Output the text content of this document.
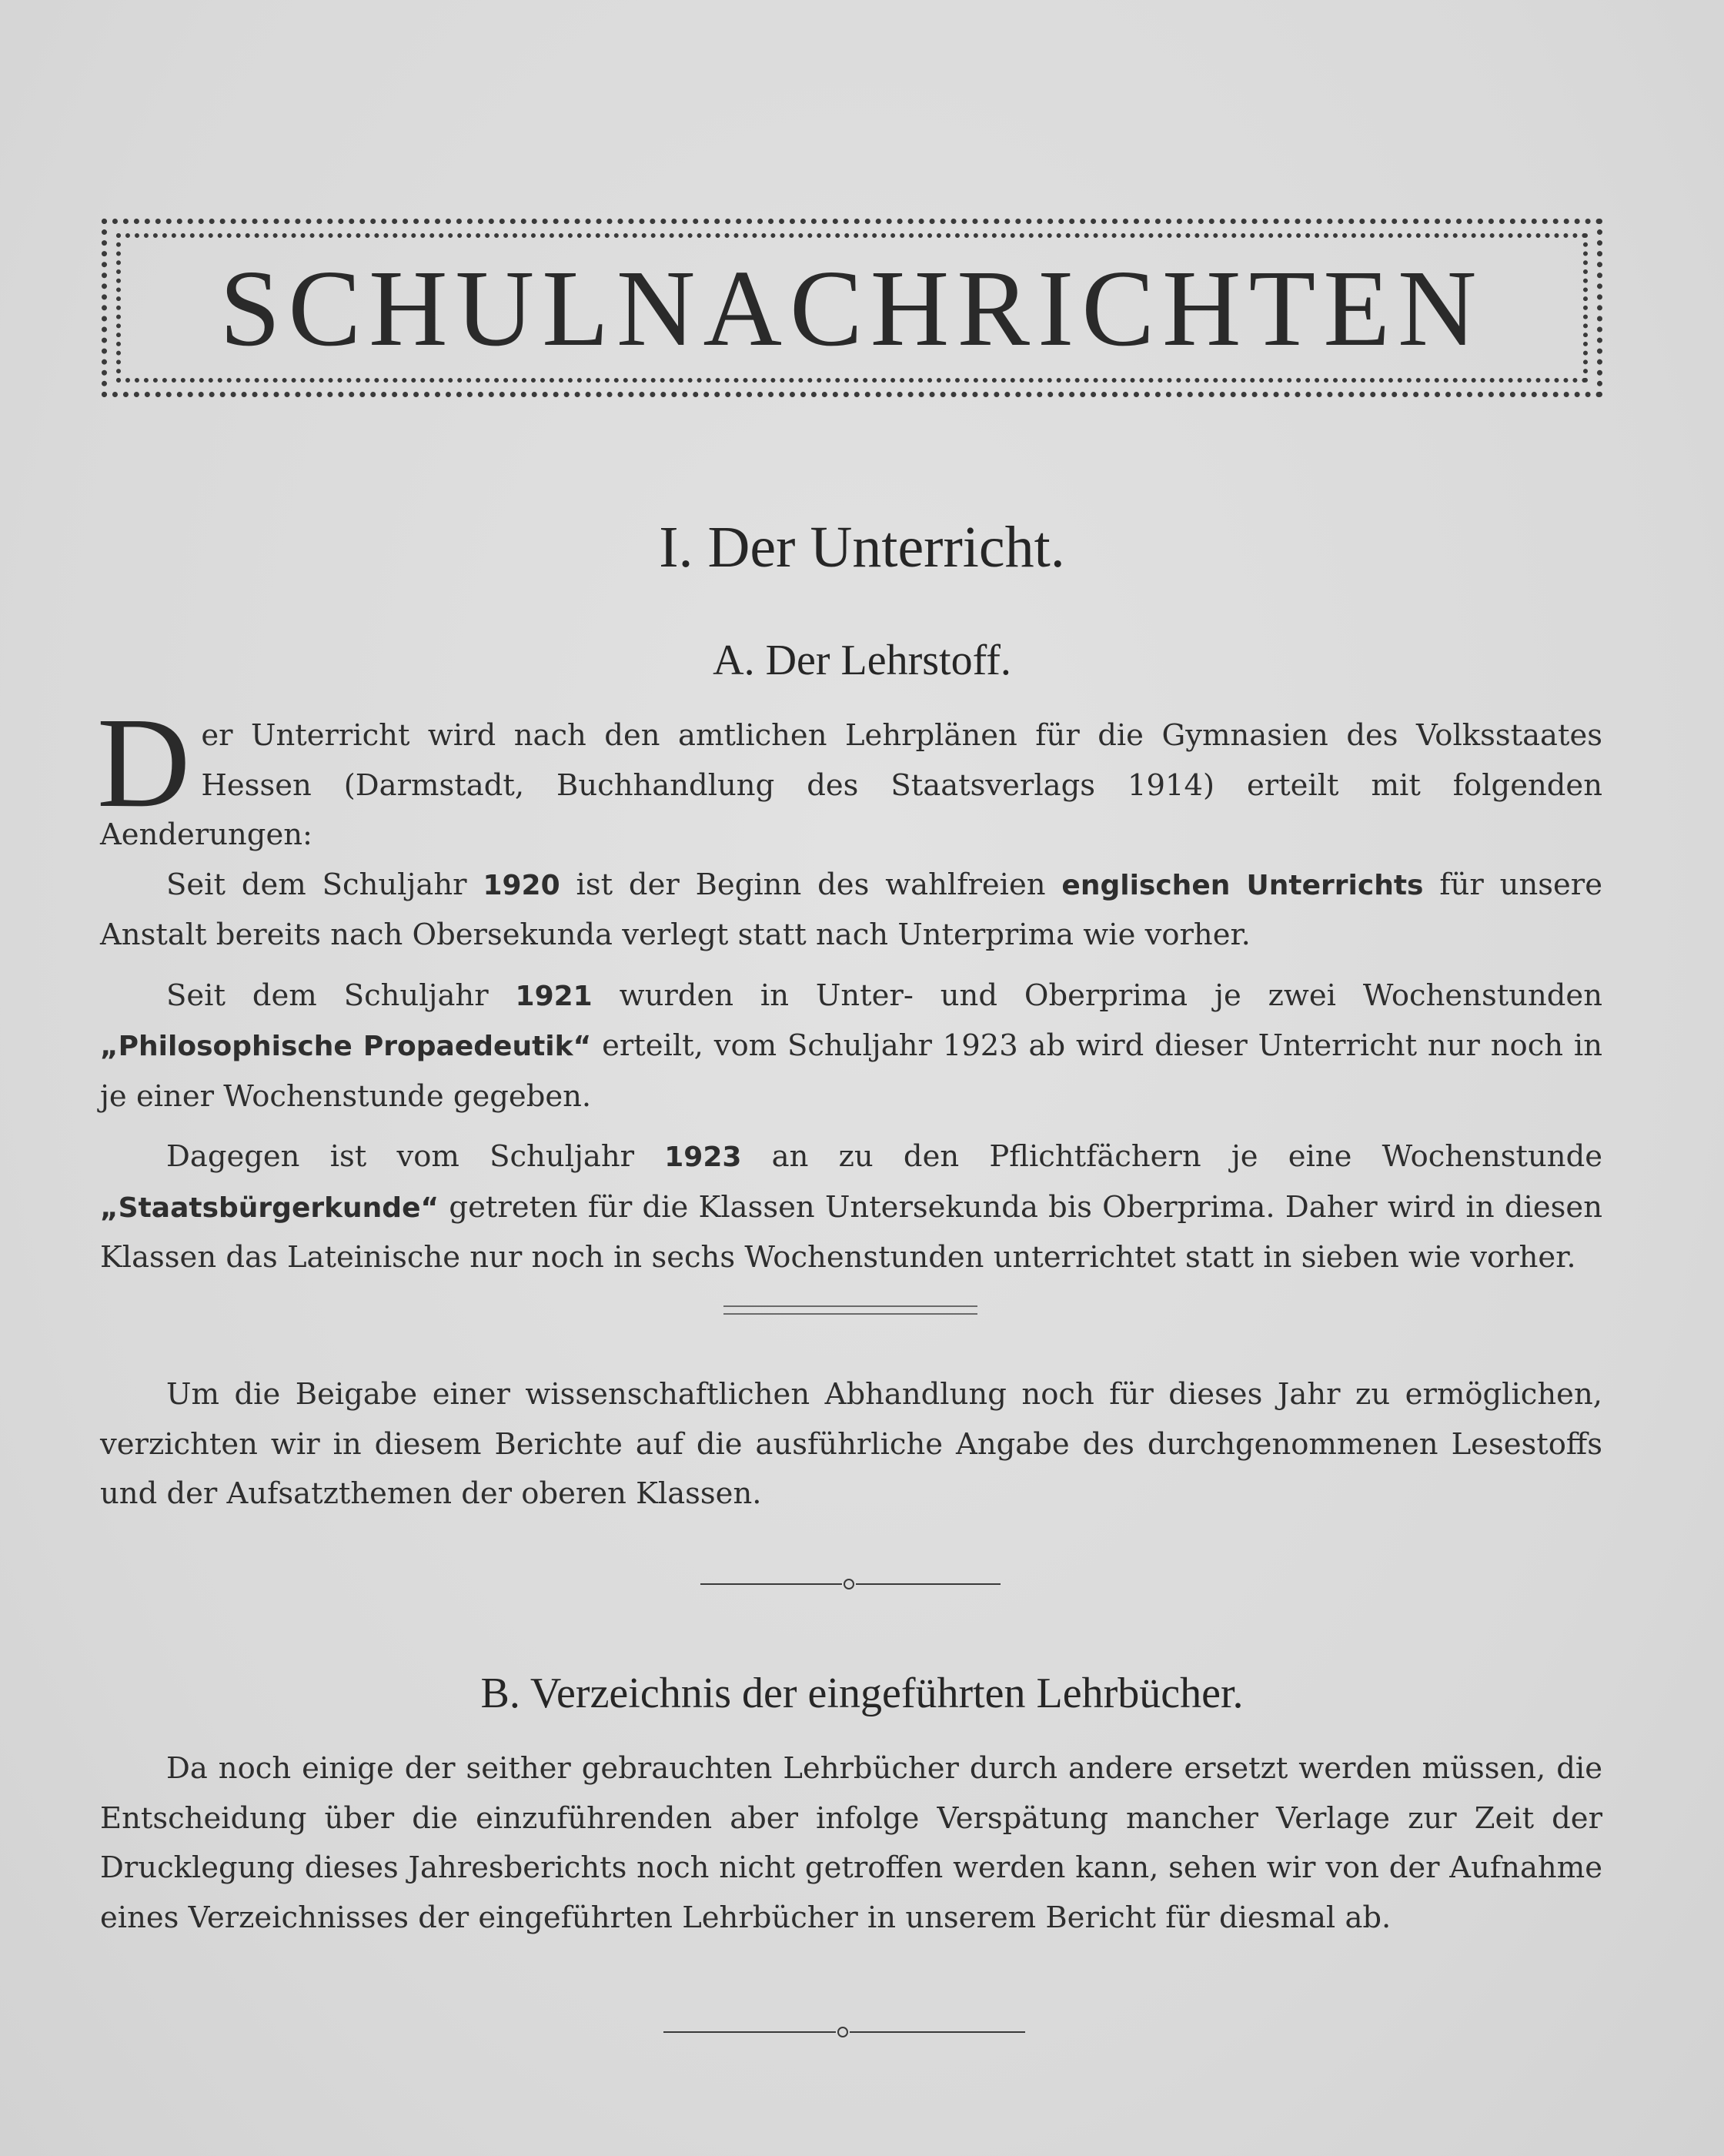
SCHULNACHRICHTEN
I. Der Unterricht.
A. Der Lehrstoff.

Der Unterricht wird nach den amtlichen Lehrplänen für die Gymnasien des Volksstaates Hessen (Darmstadt, Buchhandlung des Staatsverlags 1914) erteilt mit folgenden Aenderungen:

Seit dem Schuljahr 1920 ist der Beginn des wahlfreien englischen Unterrichts für unsere Anstalt bereits nach Obersekunda verlegt statt nach Unterprima wie vorher.

Seit dem Schuljahr 1921 wurden in Unter- und Oberprima je zwei Wochenstunden „Philosophische Propaedeutik“ erteilt, vom Schuljahr 1923 ab wird dieser Unterricht nur noch in je einer Wochenstunde gegeben.

Dagegen ist vom Schuljahr 1923 an zu den Pflichtfächern je eine Wochenstunde „Staatsbürgerkunde“ getreten für die Klassen Untersekunda bis Oberprima. Daher wird in diesen Klassen das Lateinische nur noch in sechs Wochenstunden unterrichtet statt in sieben wie vorher.

Um die Beigabe einer wissenschaftlichen Abhandlung noch für dieses Jahr zu ermöglichen, verzichten wir in diesem Berichte auf die ausführliche Angabe des durchgenommenen Lesestoffs und der Aufsatzthemen der oberen Klassen.

B. Verzeichnis der eingeführten Lehrbücher.

Da noch einige der seither gebrauchten Lehrbücher durch andere ersetzt werden müssen, die Entscheidung über die einzuführenden aber infolge Verspätung mancher Verlage zur Zeit der Drucklegung dieses Jahresberichts noch nicht getroffen werden kann, sehen wir von der Aufnahme eines Verzeichnisses der eingeführten Lehrbücher in unserem Bericht für diesmal ab.
